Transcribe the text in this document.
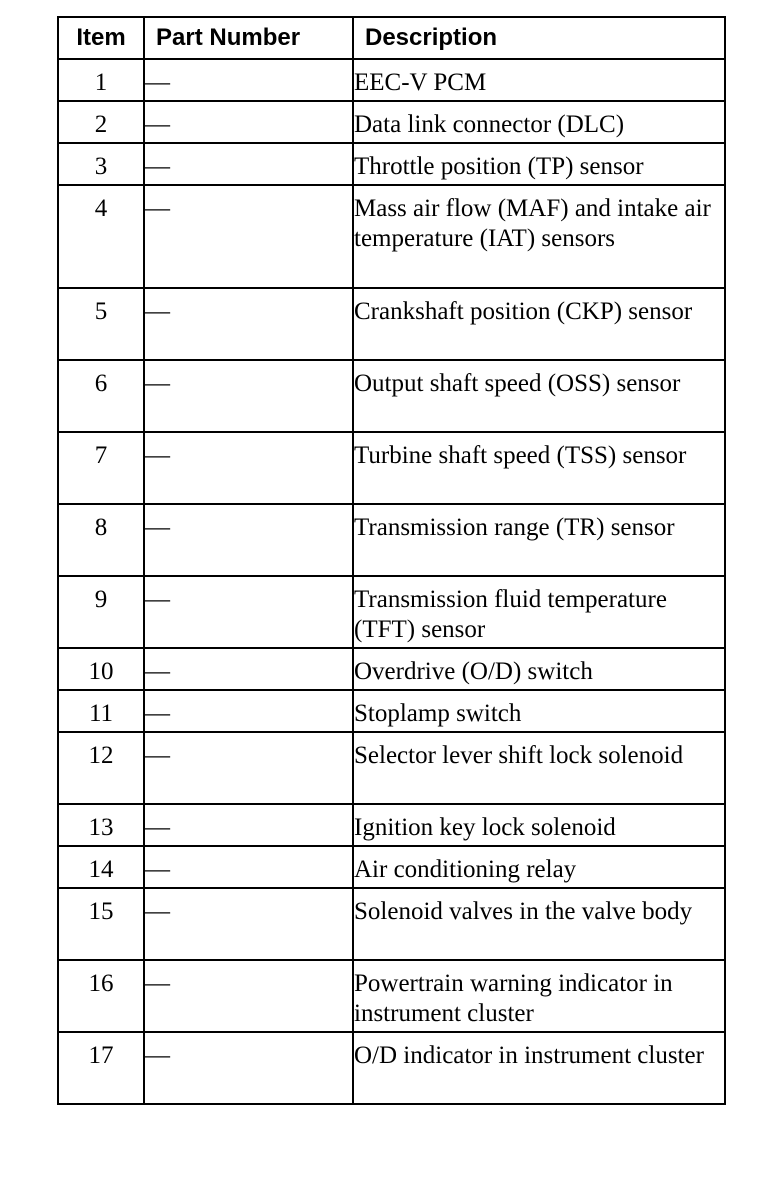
Item	Part Number	Description
1	—	EEC-V PCM
2	—	Data link connector (DLC)
3	—	Throttle position (TP) sensor
4	—	Mass air flow (MAF) and intake air temperature (IAT) sensors
5	—	Crankshaft position (CKP) sensor
6	—	Output shaft speed (OSS) sensor
7	—	Turbine shaft speed (TSS) sensor
8	—	Transmission range (TR) sensor
9	—	Transmission fluid temperature (TFT) sensor
10	—	Overdrive (O/D) switch
11	—	Stoplamp switch
12	—	Selector lever shift lock solenoid
13	—	Ignition key lock solenoid
14	—	Air conditioning relay
15	—	Solenoid valves in the valve body
16	—	Powertrain warning indicator in instrument cluster
17	—	O/D indicator in instrument cluster
